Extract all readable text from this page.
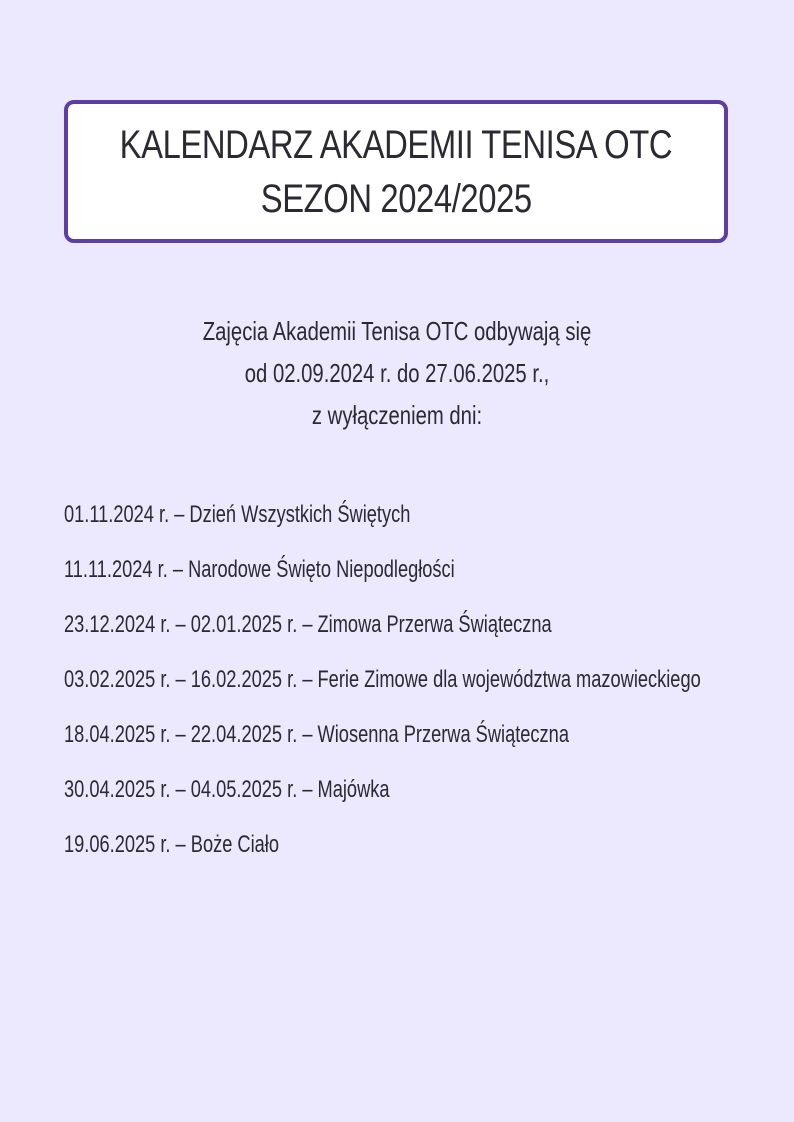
KALENDARZ AKADEMII TENISA OTC
SEZON 2024/2025
Zajęcia Akademii Tenisa OTC odbywają się
od 02.09.2024 r. do 27.06.2025 r.,
z wyłączeniem dni:
01.11.2024 r. – Dzień Wszystkich Świętych
11.11.2024 r. – Narodowe Święto Niepodległości
23.12.2024 r. – 02.01.2025 r. – Zimowa Przerwa Świąteczna
03.02.2025 r. – 16.02.2025 r. – Ferie Zimowe dla województwa mazowieckiego
18.04.2025 r. – 22.04.2025 r. – Wiosenna Przerwa Świąteczna
30.04.2025 r. – 04.05.2025 r. – Majówka
19.06.2025 r. – Boże Ciało
